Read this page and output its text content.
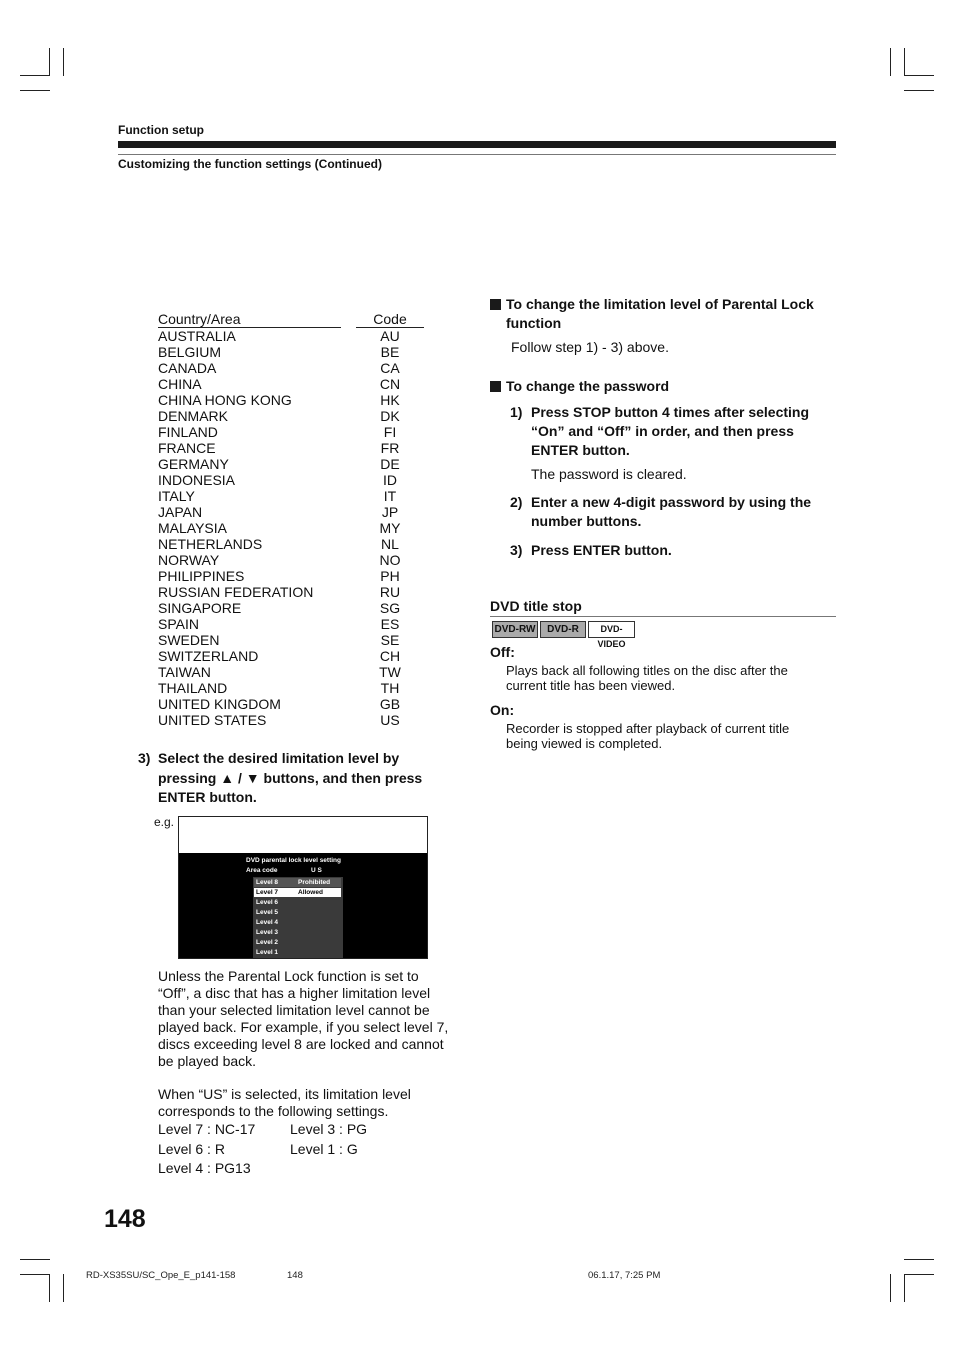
Function setup
Customizing the function settings (Continued)
Country/Area	Code
AUSTRALIA	AU
BELGIUM	BE
CANADA	CA
CHINA	CN
CHINA HONG KONG	HK
DENMARK	DK
FINLAND	FI
FRANCE	FR
GERMANY	DE
INDONESIA	ID
ITALY	IT
JAPAN	JP
MALAYSIA	MY
NETHERLANDS	NL
NORWAY	NO
PHILIPPINES	PH
RUSSIAN FEDERATION	RU
SINGAPORE	SG
SPAIN	ES
SWEDEN	SE
SWITZERLAND	CH
TAIWAN	TW
THAILAND	TH
UNITED KINGDOM	GB
UNITED STATES	US
3) Select the desired limitation level by pressing ▲ / ▼ buttons, and then press ENTER button.
e.g.
DVD parental lock level setting
Area code	U S
Level 8	Prohibited
Level 7	Allowed
Level 6
Level 5
Level 4
Level 3
Level 2
Level 1
Unless the Parental Lock function is set to
“Off”, a disc that has a higher limitation level
than your selected limitation level cannot be
played back. For example, if you select level 7,
discs exceeding level 8 are locked and cannot
be played back.
When “US” is selected, its limitation level
corresponds to the following settings.
Level 7 : NC-17 Level 3 : PG
Level 6 : R	Level 1 : G
Level 4 : PG13
To change the limitation level of Parental Lock
function
Follow step 1) - 3) above.
To change the password
1) Press STOP button 4 times after selecting
“On” and “Off” in order, and then press
ENTER button.
2) Enter a new 4-digit password by using the
number buttons.
3) Press ENTER button.
The password is cleared.
DVD title stop
DVD-RW	DVD-R	DVD-VIDEO
Off:
Plays back all following titles on the disc after the
current title has been viewed.
On:
Recorder is stopped after playback of current title
being viewed is completed.
148
RD-XS35SU/SC_Ope_E_p141-158	148	06.1.17, 7:25 PM
